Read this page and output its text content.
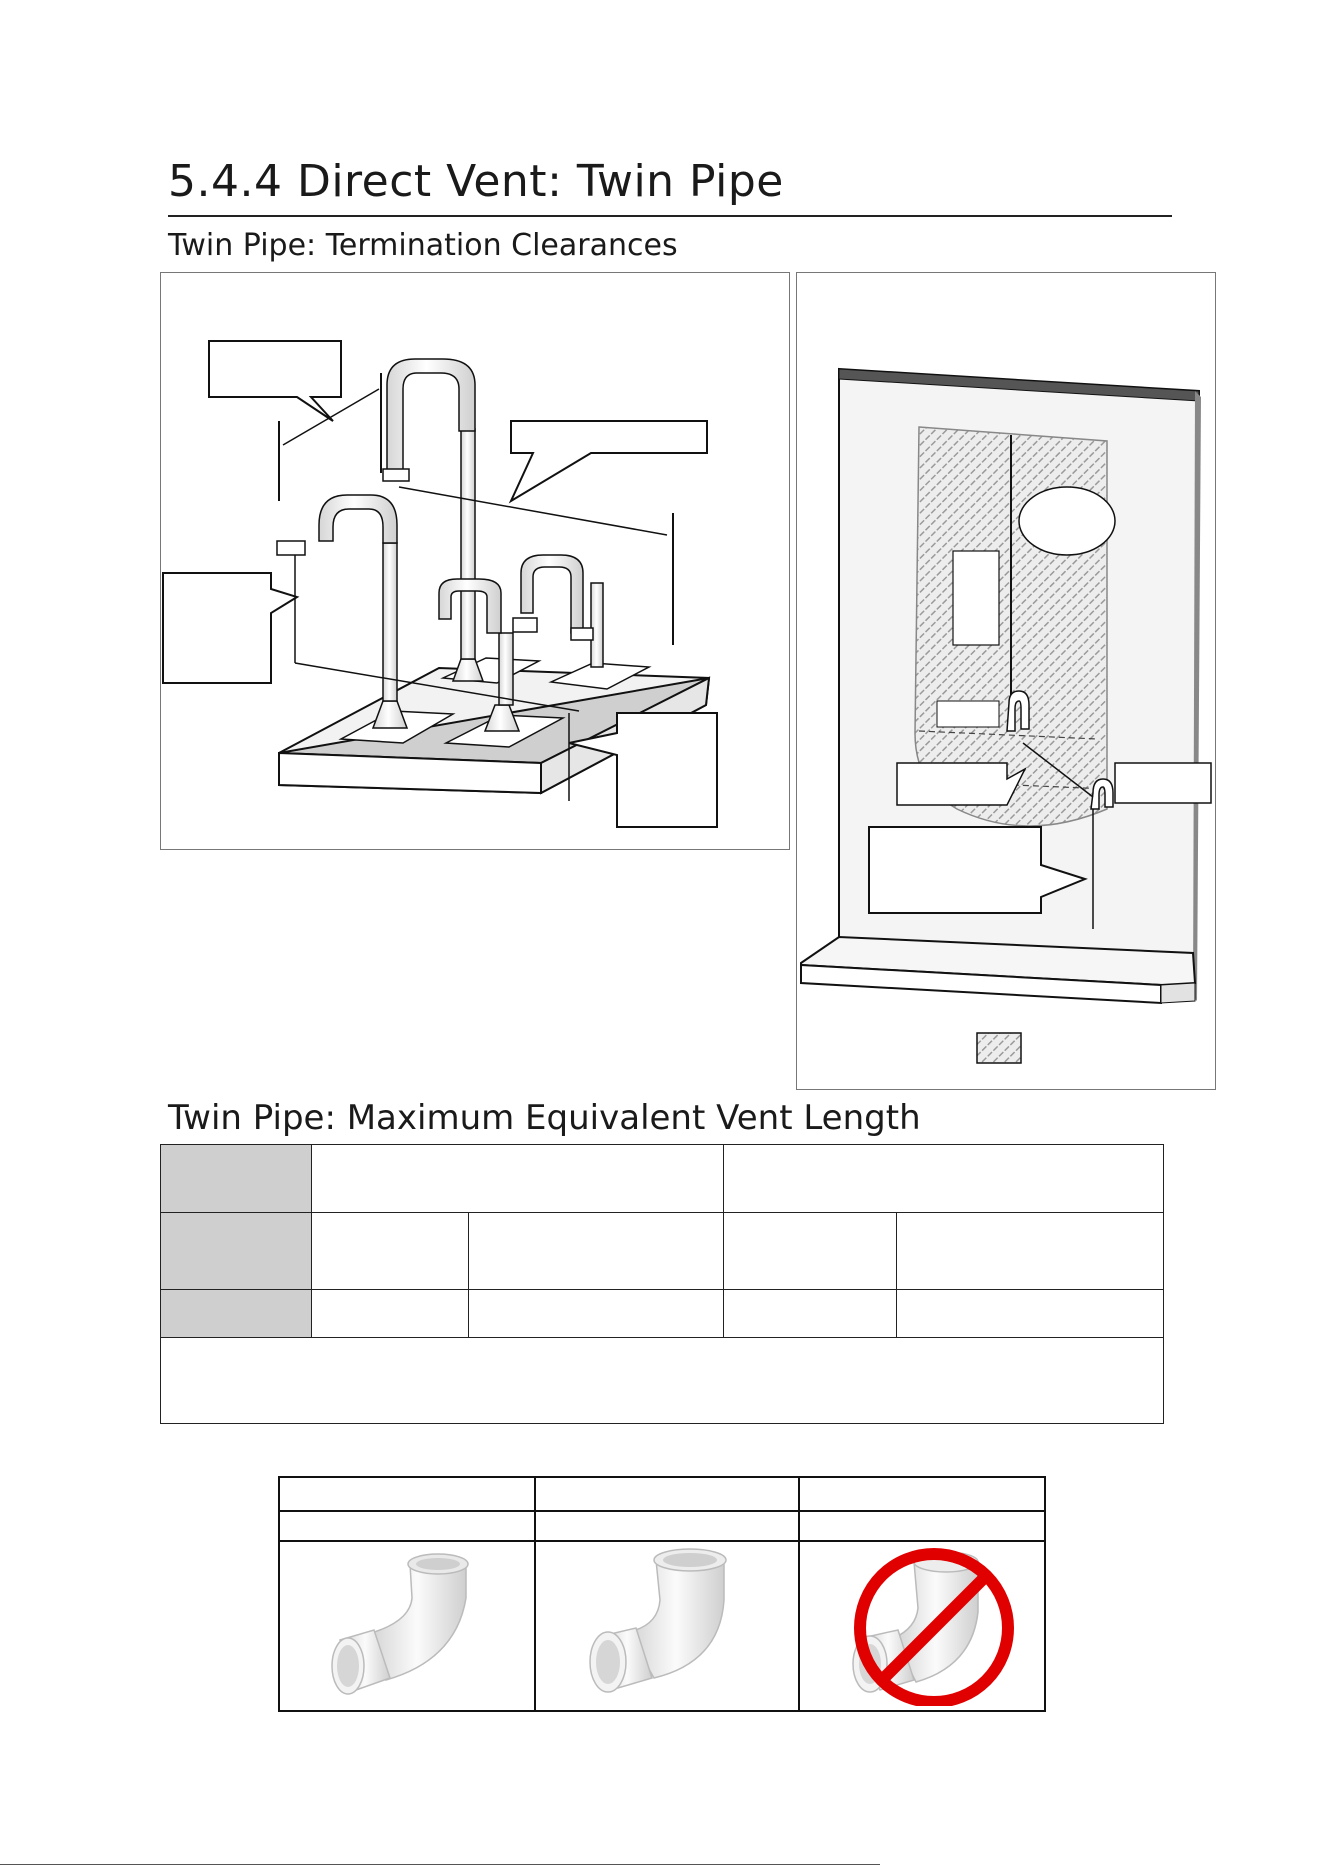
5.4.4 Direct Vent: Twin Pipe
Twin Pipe: Termination Clearances
Twin Pipe: Maximum Equivalent Vent Length
